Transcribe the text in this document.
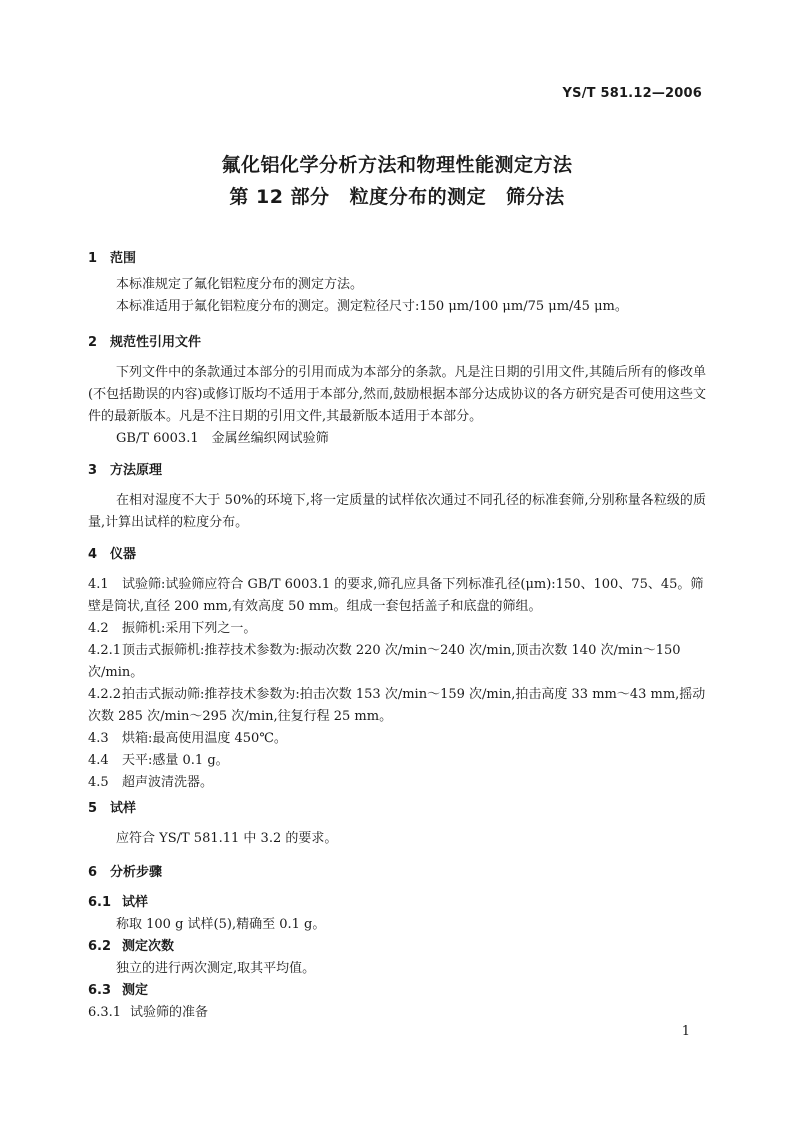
YS/T 581.12—2006
氟化铝化学分析方法和物理性能测定方法
第 12 部分 粒度分布的测定 筛分法
1 范围
本标准规定了氟化铝粒度分布的测定方法。
本标准适用于氟化铝粒度分布的测定。测定粒径尺寸:150 μm/100 μm/75 μm/45 μm。
2 规范性引用文件
下列文件中的条款通过本部分的引用而成为本部分的条款。凡是注日期的引用文件,其随后所有的修改单(不包括勘误的内容)或修订版均不适用于本部分,然而,鼓励根据本部分达成协议的各方研究是否可使用这些文件的最新版本。凡是不注日期的引用文件,其最新版本适用于本部分。
GB/T 6003.1　金属丝编织网试验筛
3 方法原理
在相对湿度不大于 50%的环境下,将一定质量的试样依次通过不同孔径的标准套筛,分别称量各粒级的质量,计算出试样的粒度分布。
4 仪器
4.1 试验筛:试验筛应符合 GB/T 6003.1 的要求,筛孔应具备下列标准孔径(μm):150、100、75、45。筛壁是筒状,直径 200 mm,有效高度 50 mm。组成一套包括盖子和底盘的筛组。
4.2 振筛机:采用下列之一。
4.2.1顶击式振筛机:推荐技术参数为:振动次数 220 次/min～240 次/min,顶击次数 140 次/min～150 次/min。
4.2.2拍击式振动筛:推荐技术参数为:拍击次数 153 次/min～159 次/min,拍击高度 33 mm～43 mm,摇动次数 285 次/min～295 次/min,往复行程 25 mm。
4.3 烘箱:最高使用温度 450℃。
4.4 天平:感量 0.1 g。
4.5 超声波清洗器。
5 试样
应符合 YS/T 581.11 中 3.2 的要求。
6 分析步骤
6.1 试样
称取 100 g 试样(5),精确至 0.1 g。
6.2 测定次数
独立的进行两次测定,取其平均值。
6.3 测定
6.3.1 试验筛的准备
1
